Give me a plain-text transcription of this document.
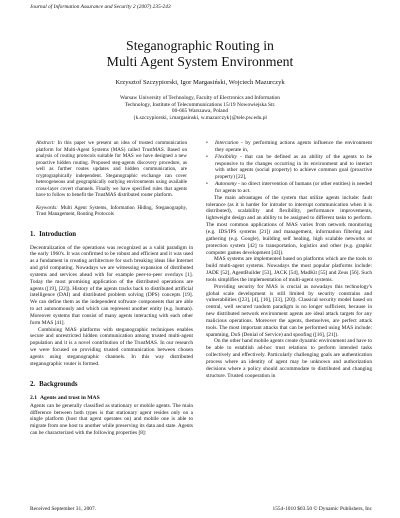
Journal of Information Assurance and Security 2 (2007) 235-243
Steganographic Routing in
Multi Agent System Environment
Krzysztof Szczypiorski, Igor Margasiński, Wojciech Mazurczyk
Warsaw University of Technology, Faculty of Electronics and Information
Technology, Institute of Telecommunications 15/19 Nowowiejska Str.
00-665 Warszawa, Poland
{k.szczypiorski, i.margasinski, w.mazurczyk}@tele.pw.edu.pl

Abstract: In this paper we present an idea of trusted communication platform for Multi-Agent Systems (MAS) called TrustMAS. Based on analysis of routing protocols suitable for MAS we have designed a new proactive hidden routing. Proposed steg-agents discovery procedure, as well as further routes updates and hidden communication, are cryptographically independent. Steganographic exchange can cover heterogeneous and geographically outlying environments using available cross-layer covert channels. Finally we have specified rules that agents have to follow to benefit the TrustMAS distributed router platform.

Keywords: Multi Agent Systems, Information Hiding, Steganography, Trust Management, Routing Protocols

1. Introduction

Decentralization of the operations was recognized as a valid paradigm in the early 1960's. It was confirmed to be robust and efficient and it was used as a fundament in creating architecture for such breaking ideas like Internet and grid computing. Nowadays we are witnessing expansion of distributed systems and services ahead with for example peer-to-peer overlays [1]. Today the most promising application of the distributed operations are agents ([19], [22]). History of the agents tracks back to distributed artificial intelligence (DAI) and distributed problem solving (DPS) concepts [19]. We can define them as the independent software components that are able to act autonomously and which can represent another entity (e.g. human). Moreover systems that consist of many agents interacting with each other form MAS [41].

Combining MAS platforms with steganographic techniques enables secure and unrestricted hidden communication among trusted multi-agent population and it is a novel contribution of the TrustMAS. In our research we were focused on providing trusted communication between chosen agents using steganographic channels. In this way distributed steganographic router is formed.

2. Backgrounds
2.1 Agents and trust in MAS

Agents can be generally classified as stationary or mobile agents. The main difference between both types is that stationary agent resides only on a single platform (host that agent operates on) and mobile one is able to migrate from one host to another while preserving its data and state. Agents can be characterized with the following properties [8]:

• Intercation - by performing actions agents influence the environment they operate in,
• Flexibility - that can be defined as an ability of the agents to be responsive to the changes occurring in its environment and to interact with other agents (social property) to achieve common goal (proactive property) [22],
• Autonomy - no direct intervention of humans (or other entities) is needed for agents to act.

The main advantages of the system that utilize agents include: fault tolerance (as it is harder for intruder to interrupt communication when it is distributed), scalability and flexibility, performance improvements, lightweight design and an ability to be assigned to different tasks to perform. The most common applications of MAS varies from network monitoring (e.g. IDS/IPS systems [21]) and management, information filtering and gathering (e.g. Google), building self healing, high scalable networks or protection system [42] to transportation, logistics and other (e.g. graphic computer games development [43]).

MAS systems are implemented based on platforms which are the tools to build multi-agent systems. Nowadays the most popular platforms include: JADE [52], AgentBuilder [53], JACK [54], MadKit [55] and Zeus [56]. Such tools simplifies the implementation of multi-agent systems.

Providing security for MAS is crucial as nowadays this technology's global scale development is still limited by security constrains and vulnerabilities ([23], [4], [16], [33], [20]). Classical security model based on central, well secured random paradigm is no longer sufficient, because in new distributed network environment agents are ideal attack targets for any malicious operations. Moreover the agents, themselves, are perfect attack tools. The most important attacks that can be performed using MAS include: spamming, DoS (Denial of Service) and spoofing ([16], [21]).

On the other hand mobile agents create dynamic environment and have to be able to establish ad-hoc trust relations to perform intended tasks collectively and effectively. Particularly challenging goals are authentication process where an identity of agent may be unknown and authorization decisions where a policy should accommodate to distributed and changing structure. Trusted cooperation in

Received September 31, 2007.	1554-1010 $03.50 © Dynamic Publishers, Inc
